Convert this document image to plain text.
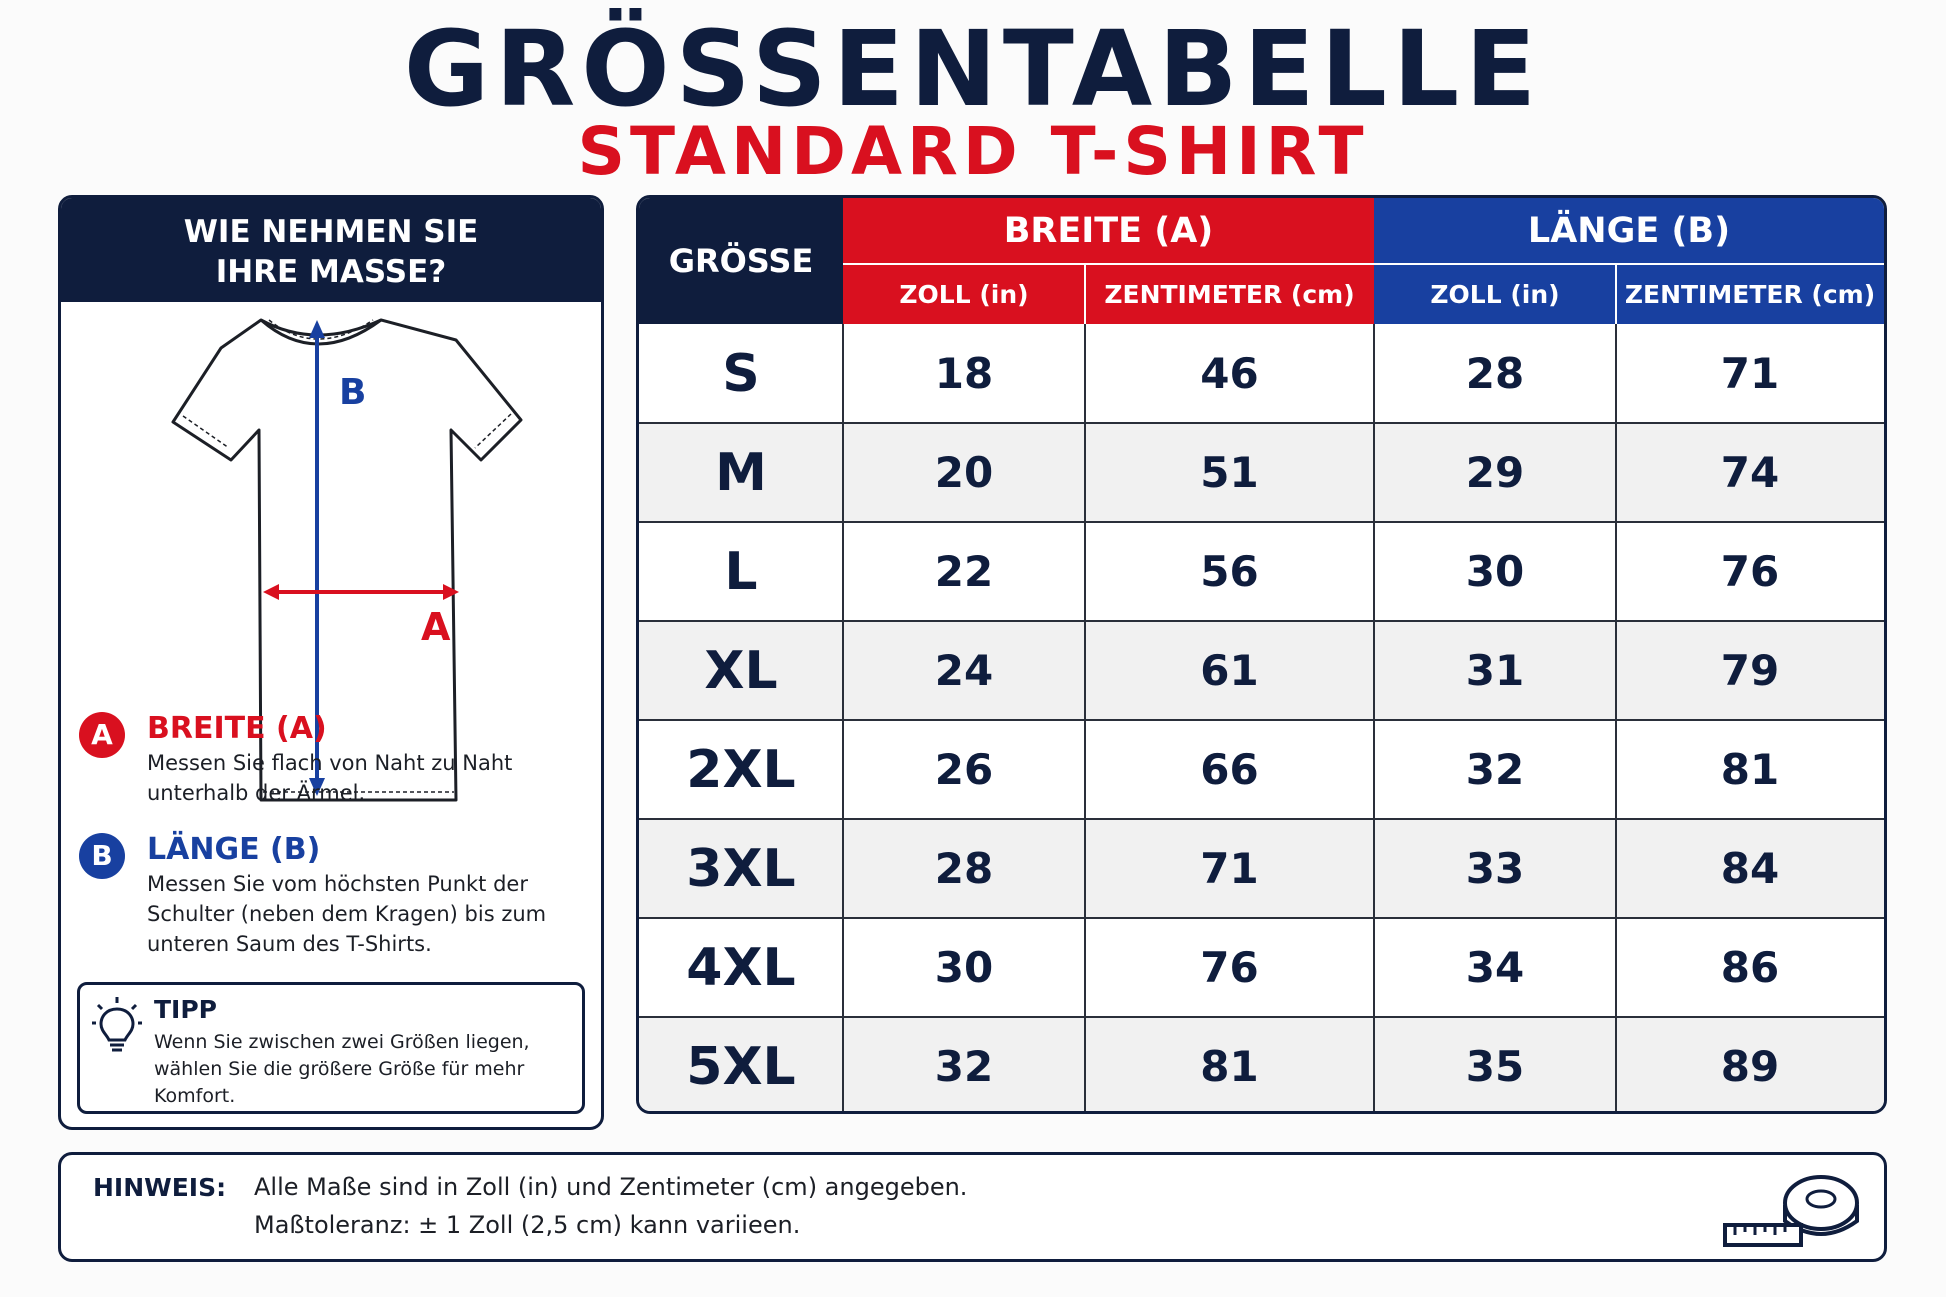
GRÖSSENTABELLE
STANDARD T-SHIRT
WIE NEHMEN SIE
IHRE MASSE?
B
A
A	BREITE (A)
Messen Sie flach von Naht zu Naht
unterhalb der Ärmel.
B	LÄNGE (B)
Messen Sie vom höchsten Punkt der
Schulter (neben dem Kragen) bis zum
unteren Saum des T-Shirts.
TIPP
Wenn Sie zwischen zwei Größen liegen,
wählen Sie die größere Größe für mehr
Komfort.
GRÖSSE
BREITE (A)	LÄNGE (B)
ZOLL (in)	ZENTIMETER (cm)	ZOLL (in)	ZENTIMETER (cm)
S	18	46	28	71
M	20	51	29	74
L	22	56	30	76
XL	24	61	31	79
2XL	26	66	32	81
3XL	28	71	33	84
4XL	30	76	34	86
5XL	32	81	35	89
HINWEIS: Alle Maße sind in Zoll (in) und Zentimeter (cm) angegeben.
Maßtoleranz: ± 1 Zoll (2,5 cm) kann variieen.
